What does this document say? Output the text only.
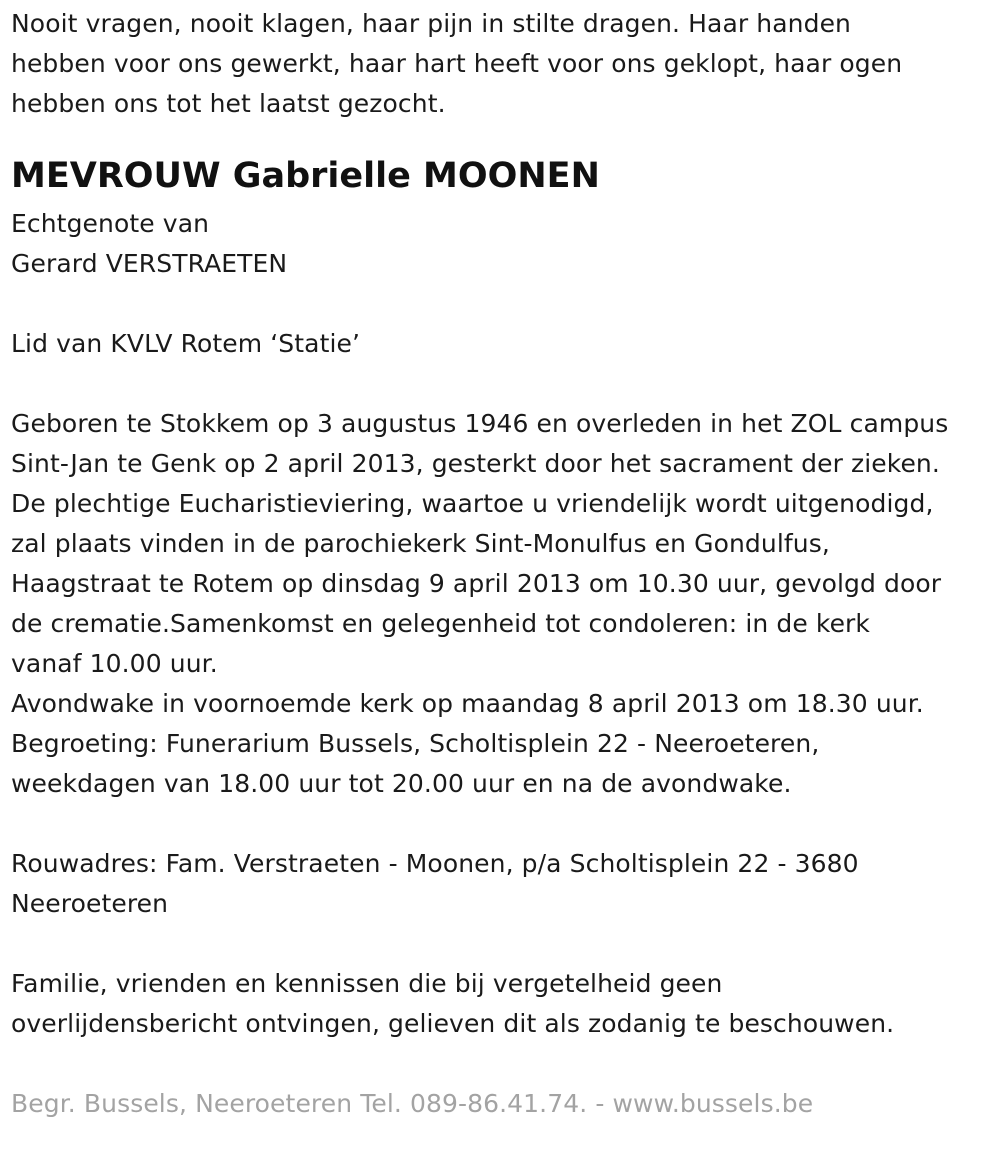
Nooit vragen, nooit klagen, haar pijn in stilte dragen. Haar handen
hebben voor ons gewerkt, haar hart heeft voor ons geklopt, haar ogen
hebben ons tot het laatst gezocht.
MEVROUW Gabrielle MOONEN
Echtgenote van
Gerard VERSTRAETEN
Lid van KVLV Rotem ‘Statie’
Geboren te Stokkem op 3 augustus 1946 en overleden in het ZOL campus
Sint-Jan te Genk op 2 april 2013, gesterkt door het sacrament der zieken.
De plechtige Eucharistieviering, waartoe u vriendelijk wordt uitgenodigd,
zal plaats vinden in de parochiekerk Sint-Monulfus en Gondulfus,
Haagstraat te Rotem op dinsdag 9 april 2013 om 10.30 uur, gevolgd door
de crematie.Samenkomst en gelegenheid tot condoleren: in de kerk
vanaf 10.00 uur.
Avondwake in voornoemde kerk op maandag 8 april 2013 om 18.30 uur.
Begroeting: Funerarium Bussels, Scholtisplein 22 - Neeroeteren,
weekdagen van 18.00 uur tot 20.00 uur en na de avondwake.
Rouwadres: Fam. Verstraeten - Moonen, p/a Scholtisplein 22 - 3680
Neeroeteren
Familie, vrienden en kennissen die bij vergetelheid geen
overlijdensbericht ontvingen, gelieven dit als zodanig te beschouwen.
Begr. Bussels, Neeroeteren Tel. 089-86.41.74. - www.bussels.be
